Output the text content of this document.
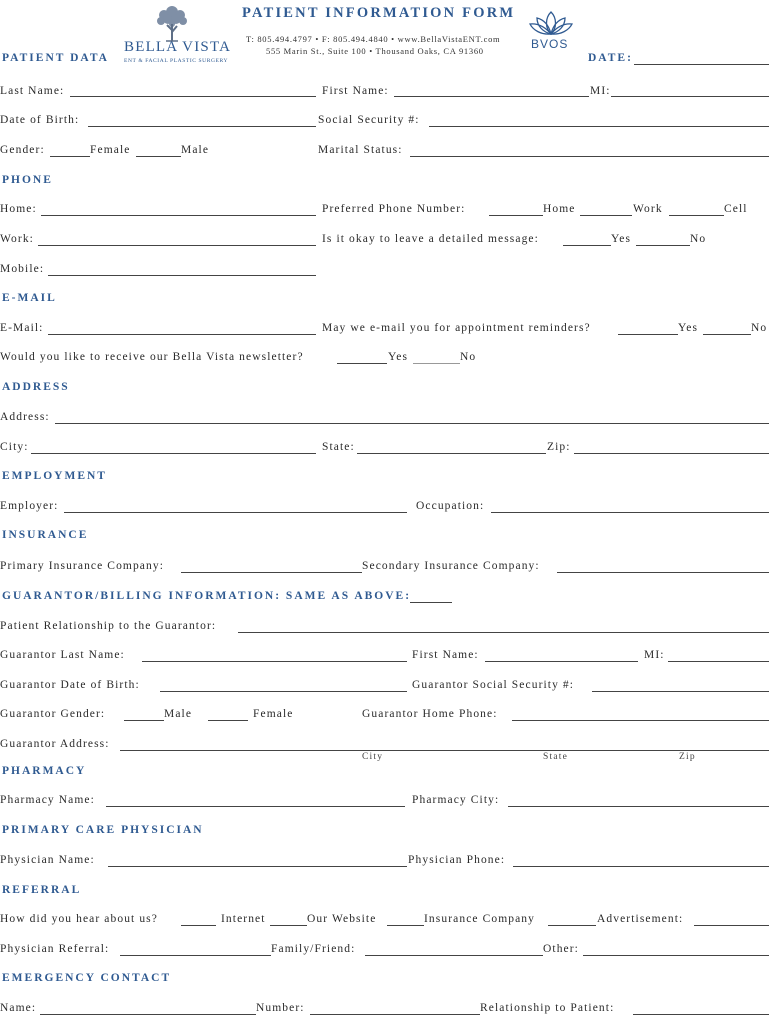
BELLA VISTA
ENT & FACIAL PLASTIC SURGERY
PATIENT INFORMATION FORM
T: 805.494.4797 • F: 805.494.4840 • www.BellaVistaENT.com
555 Marin St., Suite 100 • Thousand Oaks, CA 91360	BVOS
PATIENT DATA	DATE:
Last Name:	First Name:	MI:
Date of Birth:	Social Security #:
Gender:	Female	Male	Marital Status:
PHONE
Home:	Preferred Phone Number:	Home	Work	Cell
Work:	Is it okay to leave a detailed message:	Yes	No
Mobile:
E-MAIL
E-Mail:	May we e-mail you for appointment reminders?	Yes	No
Would you like to receive our Bella Vista newsletter?	Yes	No
ADDRESS
Address:
City:	State:	Zip:
EMPLOYMENT
Employer:	Occupation:
INSURANCE
Primary Insurance Company:	Secondary Insurance Company:
GUARANTOR/BILLING INFORMATION: SAME AS ABOVE:
Patient Relationship to the Guarantor:
Guarantor Last Name:	First Name:	MI:
Guarantor Date of Birth:	Guarantor Social Security #:
Guarantor Gender:	Male	Female	Guarantor Home Phone:
Guarantor Address:
City	State	Zip
PHARMACY
Pharmacy Name:	Pharmacy City:
PRIMARY CARE PHYSICIAN
Physician Name:	Physician Phone:
REFERRAL
How did you hear about us?	Internet	Our Website	Insurance Company	Advertisement:
Physician Referral:	Family/Friend:	Other:
EMERGENCY CONTACT
Name:	Number:	Relationship to Patient:
